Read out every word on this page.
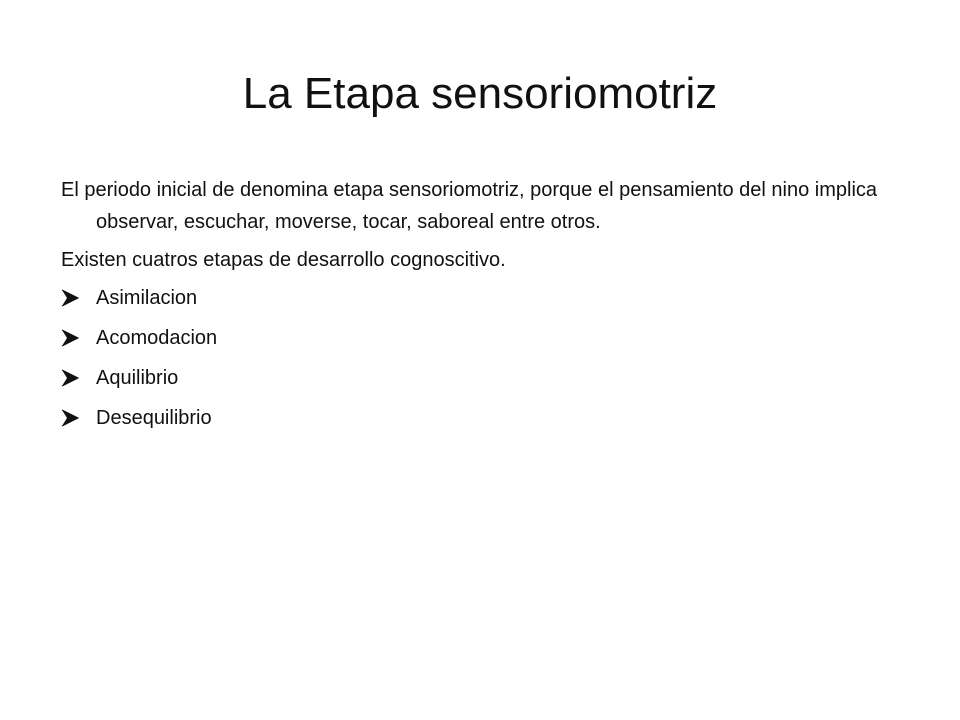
La Etapa sensoriomotriz

El periodo inicial de denomina etapa sensoriomotriz, porque el pensamiento del nino implica observar, escuchar, moverse, tocar, saboreal entre otros.

Existen cuatros etapas de desarrollo cognoscitivo.

Asimilacion
Acomodacion
Aquilibrio
Desequilibrio
